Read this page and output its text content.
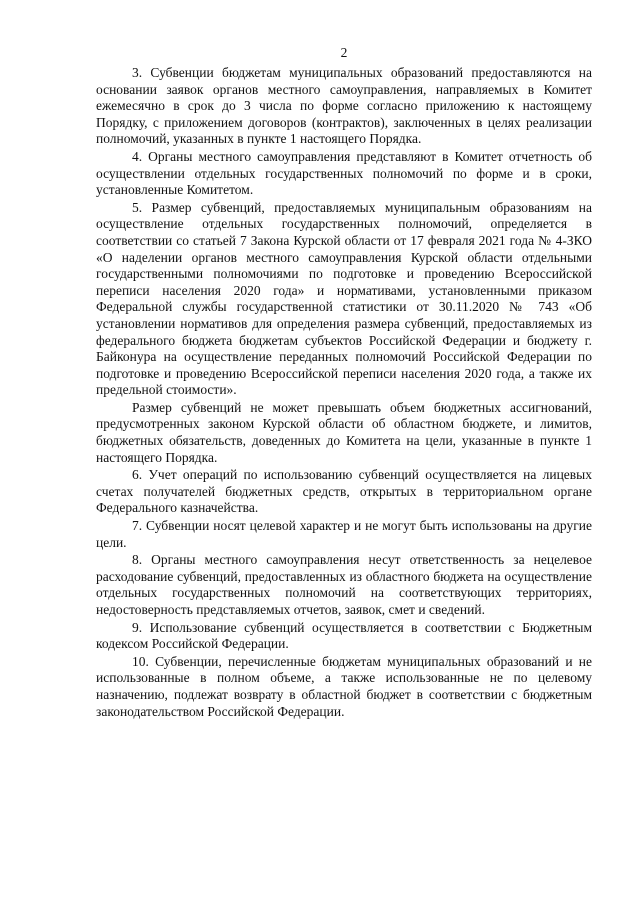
2

3. Субвенции бюджетам муниципальных образований предоставляются на основании заявок органов местного самоуправления, направляемых в Комитет ежемесячно в срок до 3 числа по форме согласно приложению к настоящему Порядку, с приложением договоров (контрактов), заключенных в целях реализации полномочий, указанных в пункте 1 настоящего Порядка.

4. Органы местного самоуправления представляют в Комитет отчетность об осуществлении отдельных государственных полномочий по форме и в сроки, установленные Комитетом.

5. Размер субвенций, предоставляемых муниципальным образованиям на осуществление отдельных государственных полномочий, определяется в соответствии со статьей 7 Закона Курской области от 17 февраля 2021 года № 4-ЗКО «О наделении органов местного самоуправления Курской области отдельными государственными полномочиями по подготовке и проведению Всероссийской переписи населения 2020 года» и нормативами, установленными приказом Федеральной службы государственной статистики от 30.11.2020 № 743 «Об установлении нормативов для определения размера субвенций, предоставляемых из федерального бюджета бюджетам субъектов Российской Федерации и бюджету г. Байконура на осуществление переданных полномочий Российской Федерации по подготовке и проведению Всероссийской переписи населения 2020 года, а также их предельной стоимости».

Размер субвенций не может превышать объем бюджетных ассигнований, предусмотренных законом Курской области об областном бюджете, и лимитов, бюджетных обязательств, доведенных до Комитета на цели, указанные в пункте 1 настоящего Порядка.

6. Учет операций по использованию субвенций осуществляется на лицевых счетах получателей бюджетных средств, открытых в территориальном органе Федерального казначейства.

7. Субвенции носят целевой характер и не могут быть использованы на другие цели.

8. Органы местного самоуправления несут ответственность за нецелевое расходование субвенций, предоставленных из областного бюджета на осуществление отдельных государственных полномочий на соответствующих территориях, недостоверность представляемых отчетов, заявок, смет и сведений.

9. Использование субвенций осуществляется в соответствии с Бюджетным кодексом Российской Федерации.

10. Субвенции, перечисленные бюджетам муниципальных образований и не использованные в полном объеме, а также использованные не по целевому назначению, подлежат возврату в областной бюджет в соответствии с бюджетным законодательством Российской Федерации.
